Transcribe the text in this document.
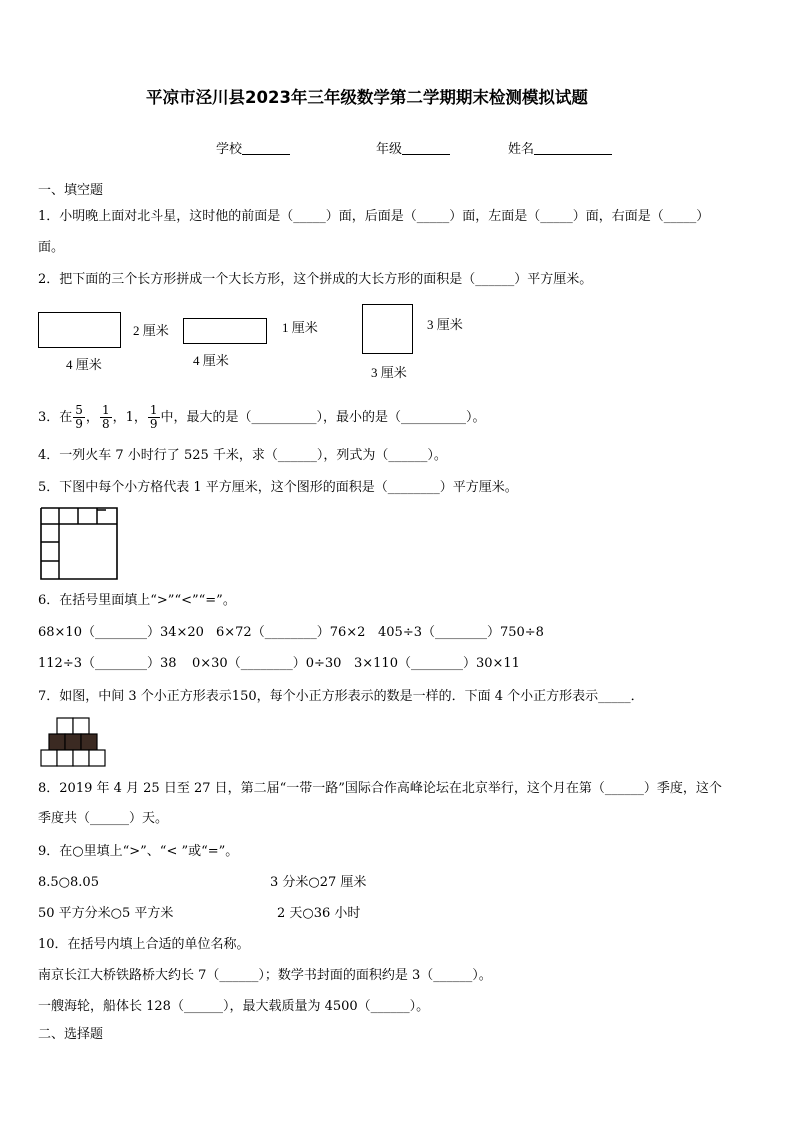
平凉市泾川县2023年三年级数学第二学期期末检测模拟试题
学校	年级	姓名
一、填空题
1．小明晚上面对北斗星，这时他的前面是（_____）面，后面是（_____）面，左面是（_____）面，右面是（_____）
面。
2．把下面的三个长方形拼成一个大长方形，这个拼成的大长方形的面积是（______）平方厘米。
2 厘米
4 厘米
1 厘米
4 厘米
3 厘米
3 厘米
3．在 $\frac{5}{9}$ ， $\frac{1}{8}$ ，1， $\frac{1}{9}$ 中，最大的是（__________），最小的是（__________）。
4．一列火车 7 小时行了 525 千米，求（______），列式为（______）。
5．下图中每个小方格代表 1 平方厘米，这个图形的面积是（________）平方厘米。
6．在括号里面填上“>”“<”“=”。
68×10（________）34×20 6×72（________）76×2 405÷3（________）750÷8
112÷3（________）38 0×30（________）0÷30 3×110（________）30×11
7．如图，中间 3 个小正方形表示150，每个小正方形表示的数是一样的．下面 4 个小正方形表示_____．
8．2019 年 4 月 25 日至 27 日，第二届“一带一路”国际合作高峰论坛在北京举行，这个月在第（______）季度，这个
季度共（______）天。
9．在○里填上“>”、“< ”或“=”。
8.5○8.05	3 分米○27 厘米
50 平方分米○5 平方米	2 天○36 小时
10．在括号内填上合适的单位名称。
南京长江大桥铁路桥大约长 7（______）；数学书封面的面积约是 3（______）。
一艘海轮，船体长 128（______），最大载质量为 4500（______）。
二、选择题
